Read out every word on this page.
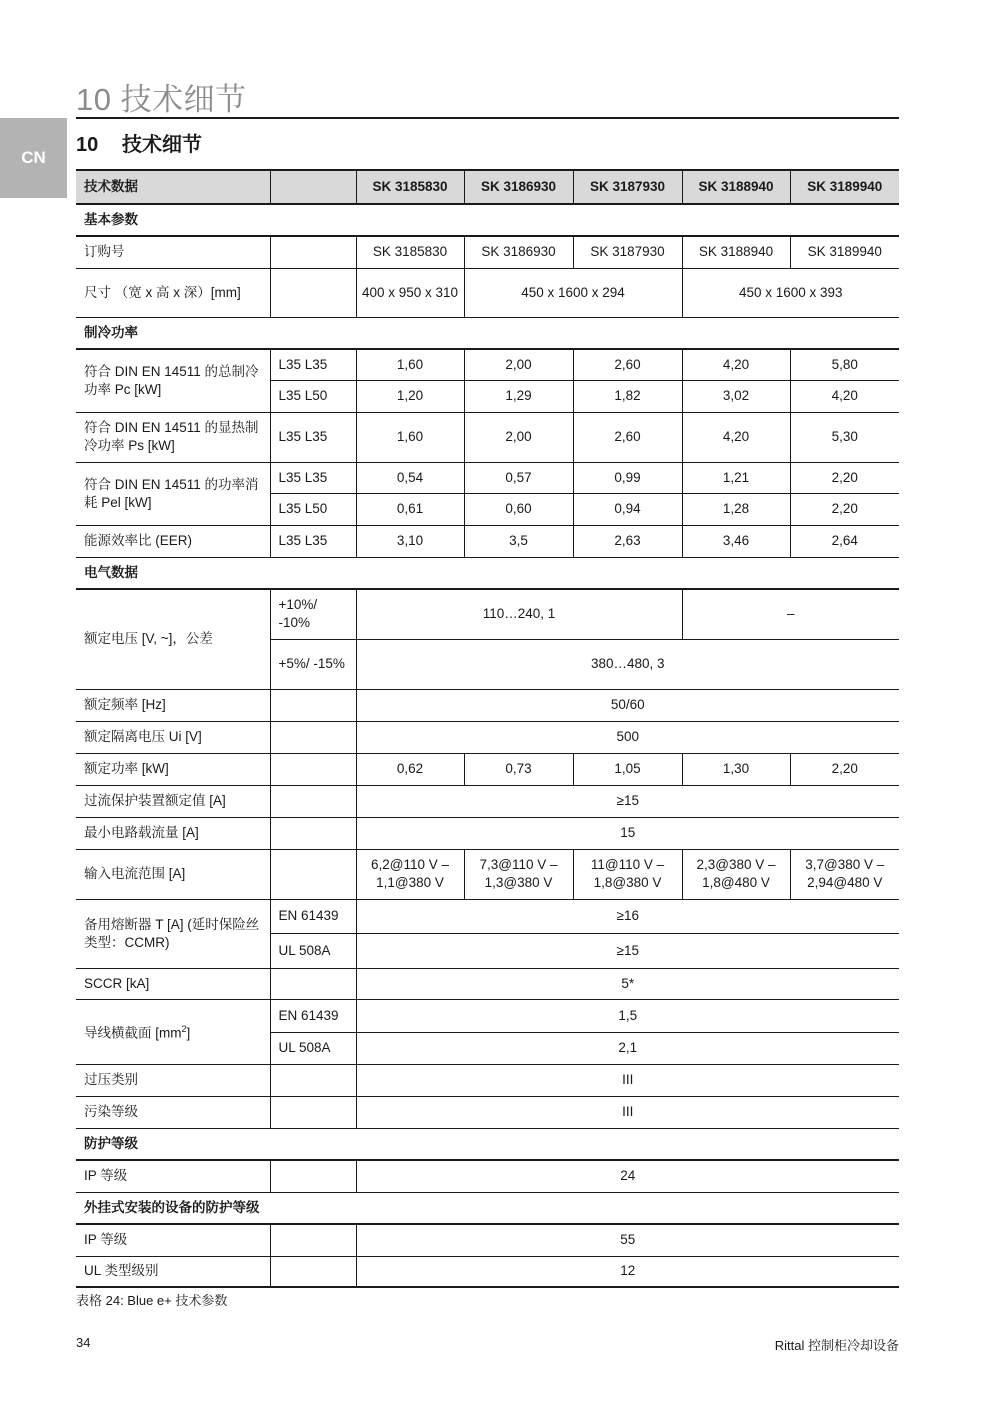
10 技术细节
CN
10 技术细节
技术数据		SK 3185830	SK 3186930	SK 3187930	SK 3188940	SK 3189940
基本参数						
订购号		SK 3185830	SK 3186930	SK 3187930	SK 3188940	SK 3189940
尺寸 （宽 x 高 x 深）[mm]		400 x 950 x 310	450 x 1600 x 294		450 x 1600 x 393	
制冷功率						
符合 DIN EN 14511 的总制冷功率 Pc [kW]	L35 L35	1,60	2,00	2,60	4,20	5,80
	L35 L50	1,20	1,29	1,82	3,02	4,20
符合 DIN EN 14511 的显热制冷功率 Ps [kW]	L35 L35	1,60	2,00	2,60	4,20	5,30
符合 DIN EN 14511 的功率消耗 Pel [kW]	L35 L35	0,54	0,57	0,99	1,21	2,20
	L35 L50	0,61	0,60	0,94	1,28	2,20
能源效率比 (EER)	L35 L35	3,10	3,5	2,63	3,46	2,64
电气数据						
额定电压 [V, ~]，公差	+10%/ -10%	110…240, 1			–	
	+5%/ -15%	380…480, 3				
额定频率 [Hz]		50/60				
额定隔离电压 Ui [V]		500				
额定功率 [kW]		0,62	0,73	1,05	1,30	2,20
过流保护装置额定值 [A]		≥15				
最小电路载流量 [A]		15				
输入电流范围 [A]		6,2@110 V – 1,1@380 V	7,3@110 V – 1,3@380 V	11@110 V – 1,8@380 V	2,3@380 V – 1,8@480 V	3,7@380 V – 2,94@480 V
备用熔断器 T [A] (延时保险丝类型：CCMR)	EN 61439	≥16				
	UL 508A	≥15				
SCCR [kA]		5*				
导线横截面 $[mm^2]$	EN 61439	1,5				
	UL 508A	2,1				
过压类别		III				
污染等级		III				
防护等级						
IP 等级		24				
外挂式安装的设备的防护等级						
IP 等级		55				
UL 类型级别		12				
表格 24: Blue e+ 技术参数
34	Rittal 控制柜冷却设备
